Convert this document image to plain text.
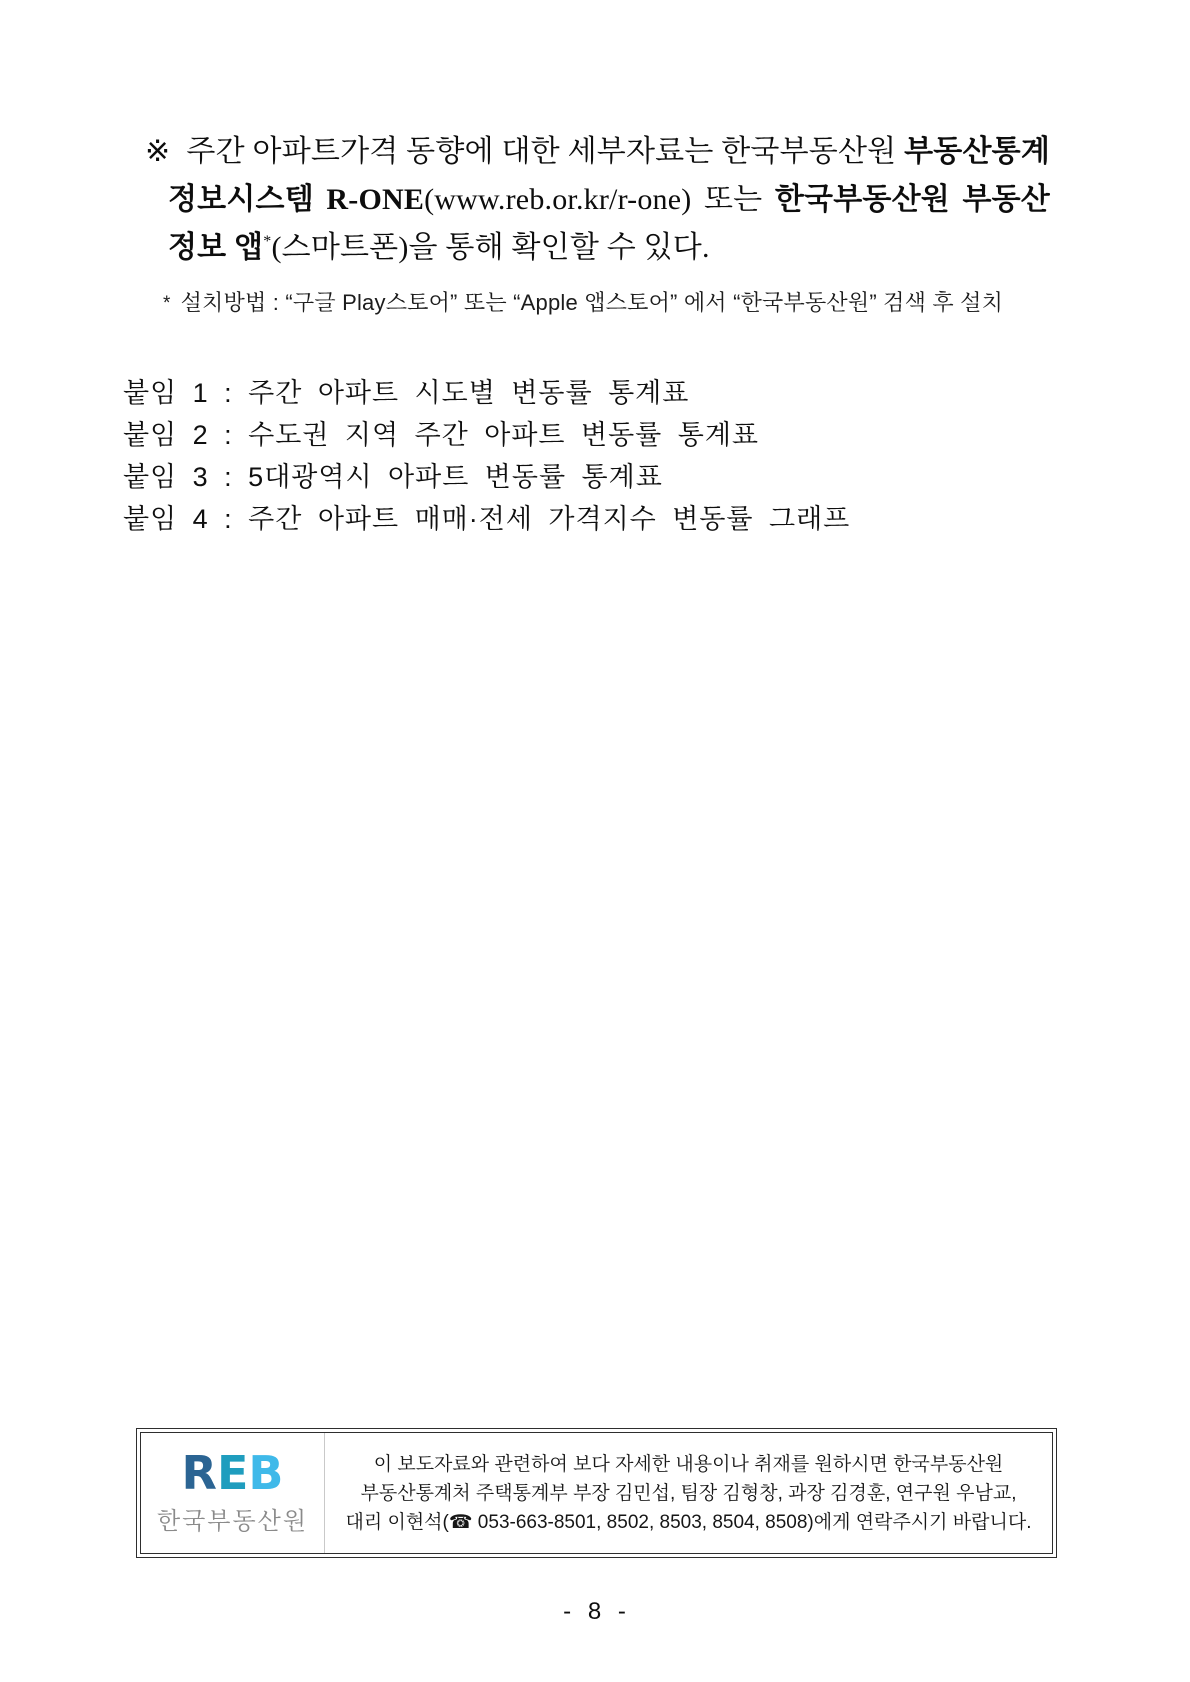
※ 주간 아파트가격 동향에 대한 세부자료는 한국부동산원 부동산통계
정보시스템 R-ONE(www.reb.or.kr/r-one) 또는 한국부동산원 부동산
정보 앱*(스마트폰)을 통해 확인할 수 있다.
* 설치방법 : “구글 Play스토어” 또는 “Apple 앱스토어” 에서 “한국부동산원” 검색 후 설치
붙임 1 : 주간 아파트 시도별 변동률 통계표
붙임 2 : 수도권 지역 주간 아파트 변동률 통계표
붙임 3 : 5대광역시 아파트 변동률 통계표
붙임 4 : 주간 아파트 매매·전세 가격지수 변동률 그래프
REB
한국부동산원
이 보도자료와 관련하여 보다 자세한 내용이나 취재를 원하시면 한국부동산원
부동산통계처 주택통계부 부장 김민섭, 팀장 김형창, 과장 김경훈, 연구원 우남교,
대리 이현석(☎ 053-663-8501, 8502, 8503, 8504, 8508)에게 연락주시기 바랍니다.
- 8 -
